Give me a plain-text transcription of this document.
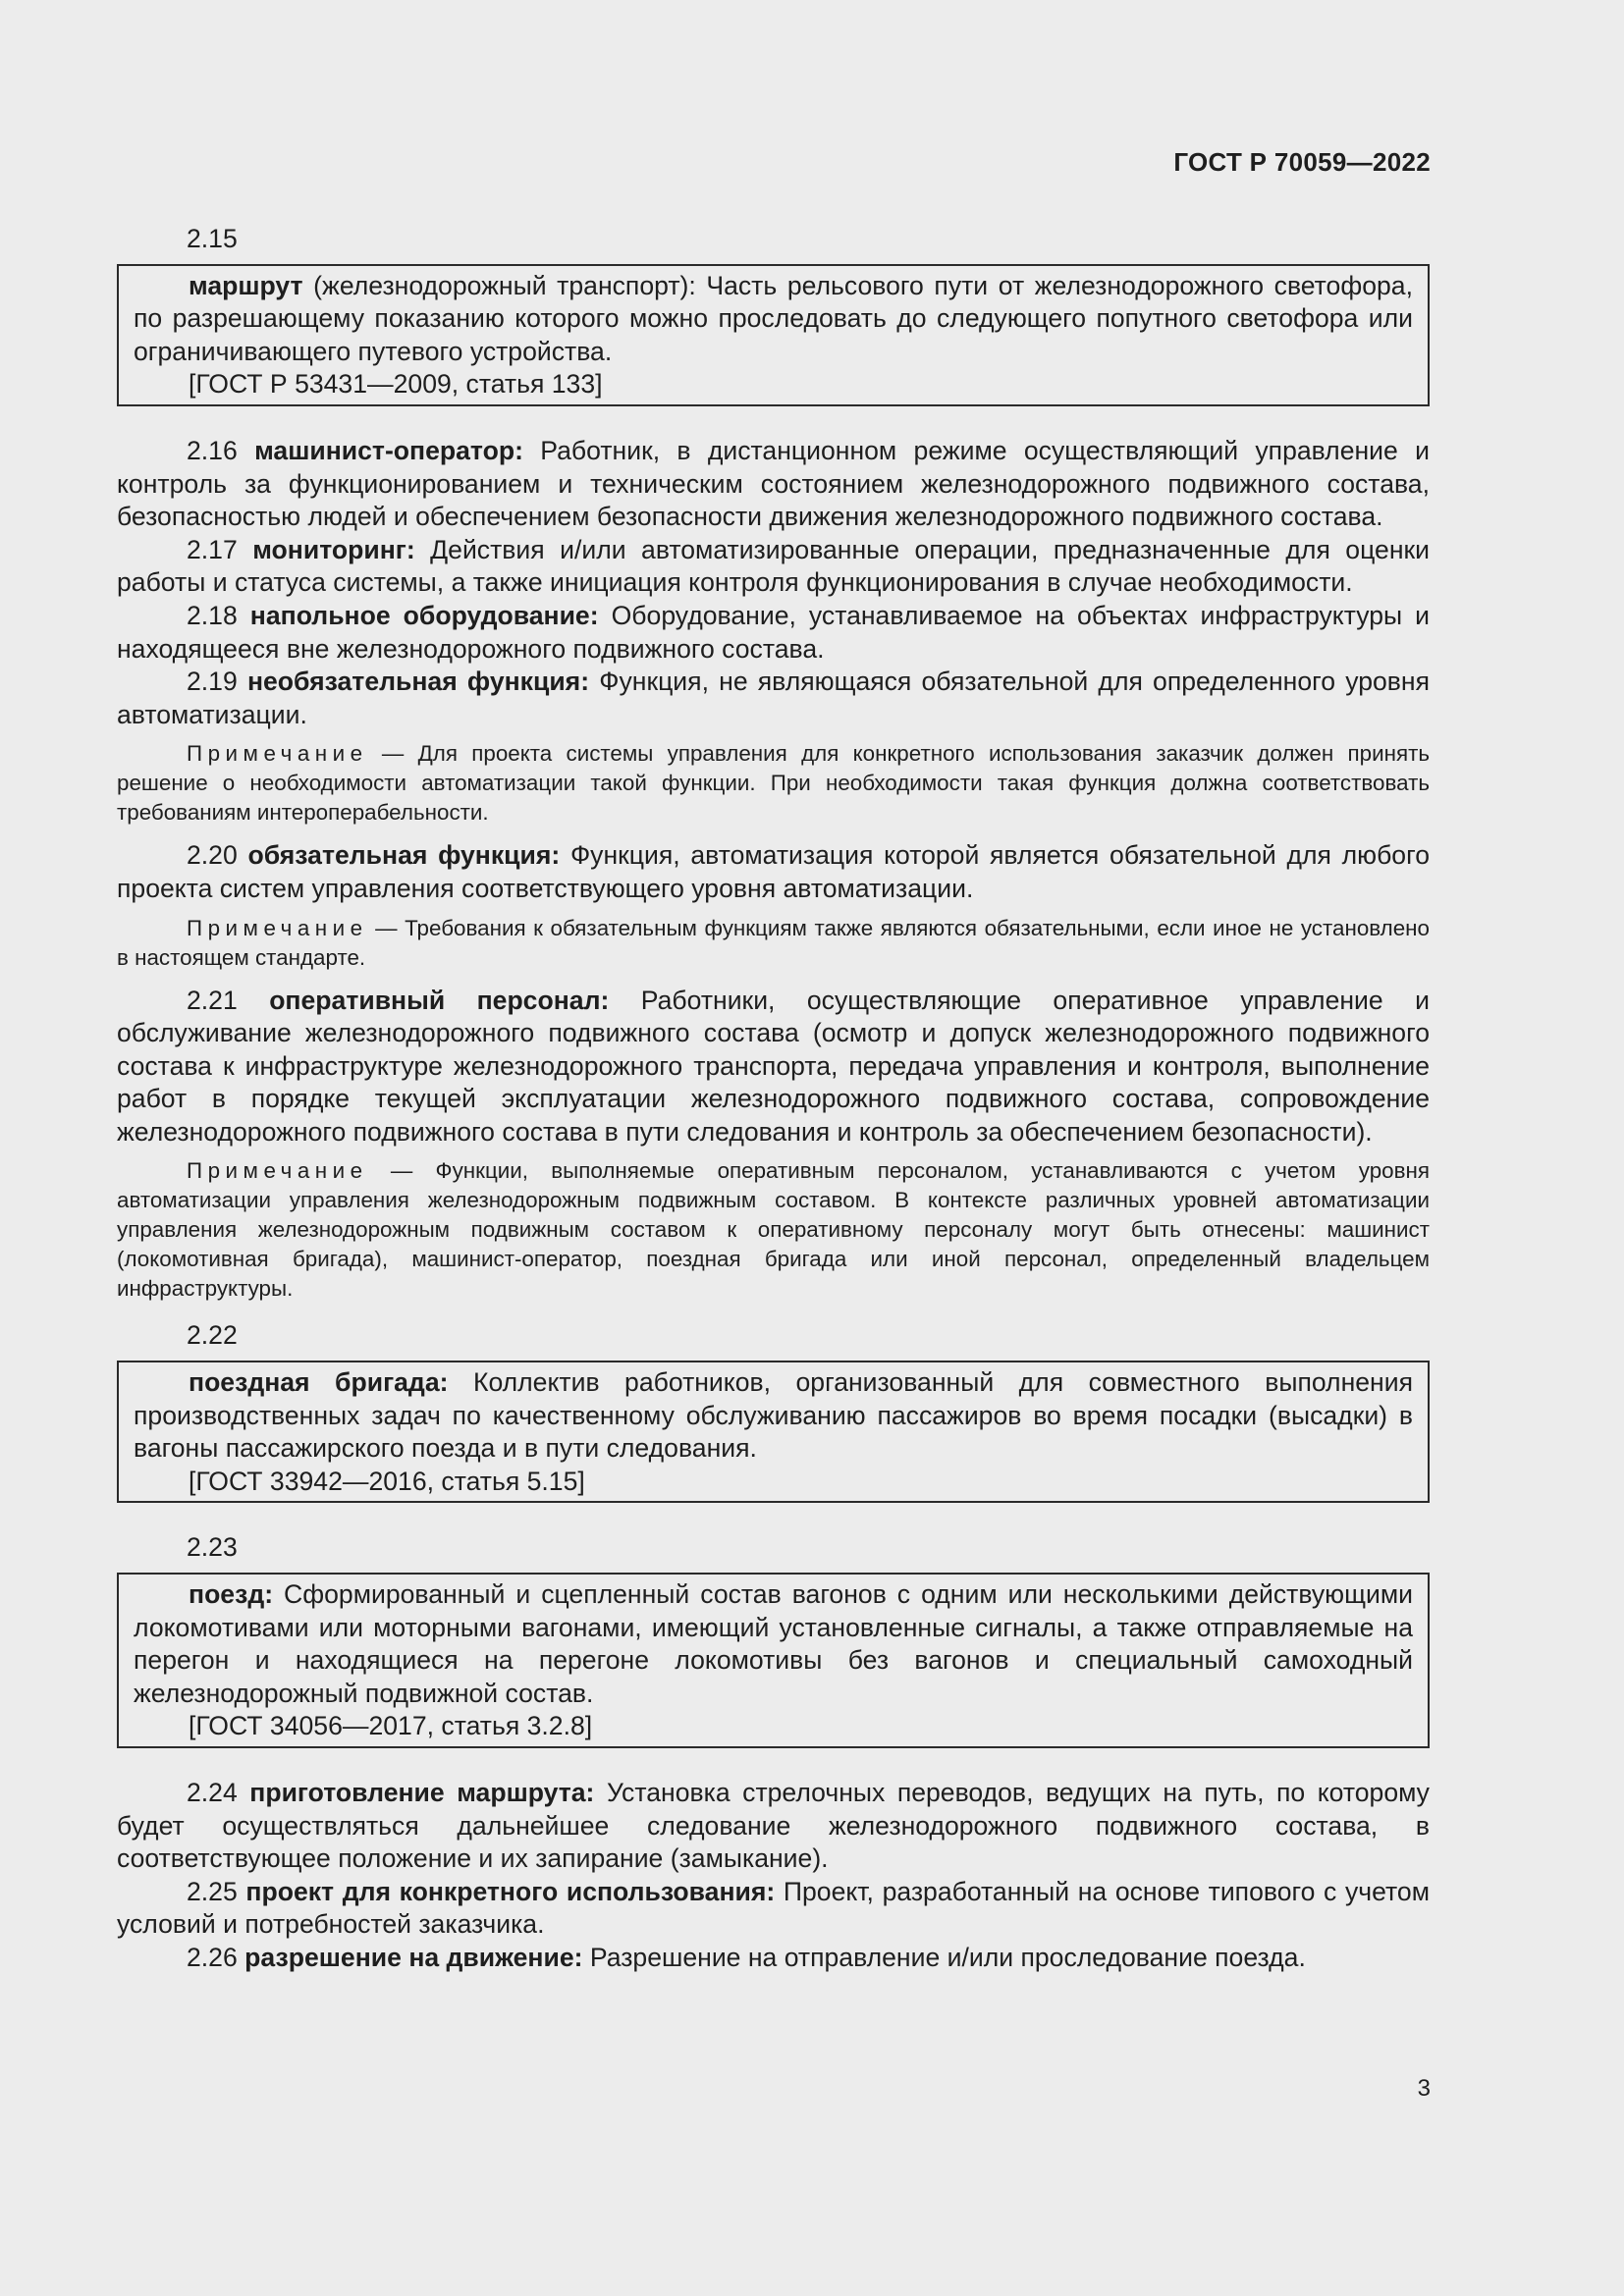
ГОСТ Р 70059—2022
2.15

маршрут (железнодорожный транспорт): Часть рельсового пути от железнодорожного светофора, по разрешающему показанию которого можно проследовать до следующего попутного светофора или ограничивающего путевого устройства.

[ГОСТ Р 53431—2009, статья 133]

2.16 машинист-оператор: Работник, в дистанционном режиме осуществляющий управление и контроль за функционированием и техническим состоянием железнодорожного подвижного состава, безопасностью людей и обеспечением безопасности движения железнодорожного подвижного состава.

2.17 мониторинг: Действия и/или автоматизированные операции, предназначенные для оценки работы и статуса системы, а также инициация контроля функционирования в случае необходимости.

2.18 напольное оборудование: Оборудование, устанавливаемое на объектах инфраструктуры и находящееся вне железнодорожного подвижного состава.

2.19 необязательная функция: Функция, не являющаяся обязательной для определенного уровня автоматизации.

Примечание — Для проекта системы управления для конкретного использования заказчик должен принять решение о необходимости автоматизации такой функции. При необходимости такая функция должна соответствовать требованиям интероперабельности.

2.20 обязательная функция: Функция, автоматизация которой является обязательной для любого проекта систем управления соответствующего уровня автоматизации.

Примечание — Требования к обязательным функциям также являются обязательными, если иное не установлено в настоящем стандарте.

2.21 оперативный персонал: Работники, осуществляющие оперативное управление и обслуживание железнодорожного подвижного состава (осмотр и допуск железнодорожного подвижного состава к инфраструктуре железнодорожного транспорта, передача управления и контроля, выполнение работ в порядке текущей эксплуатации железнодорожного подвижного состава, сопровождение железнодорожного подвижного состава в пути следования и контроль за обеспечением безопасности).

Примечание — Функции, выполняемые оперативным персоналом, устанавливаются с учетом уровня автоматизации управления железнодорожным подвижным составом. В контексте различных уровней автоматизации управления железнодорожным подвижным составом к оперативному персоналу могут быть отнесены: машинист (локомотивная бригада), машинист-оператор, поездная бригада или иной персонал, определенный владельцем инфраструктуры.

2.22

поездная бригада: Коллектив работников, организованный для совместного выполнения производственных задач по качественному обслуживанию пассажиров во время посадки (высадки) в вагоны пассажирского поезда и в пути следования.

[ГОСТ 33942—2016, статья 5.15]
2.23

поезд: Сформированный и сцепленный состав вагонов с одним или несколькими действующими локомотивами или моторными вагонами, имеющий установленные сигналы, а также отправляемые на перегон и находящиеся на перегоне локомотивы без вагонов и специальный самоходный железнодорожный подвижной состав.

[ГОСТ 34056—2017, статья 3.2.8]

2.24 приготовление маршрута: Установка стрелочных переводов, ведущих на путь, по которому будет осуществляться дальнейшее следование железнодорожного подвижного состава, в соответствующее положение и их запирание (замыкание).

2.25 проект для конкретного использования: Проект, разработанный на основе типового с учетом условий и потребностей заказчика.

2.26 разрешение на движение: Разрешение на отправление и/или проследование поезда.

3
